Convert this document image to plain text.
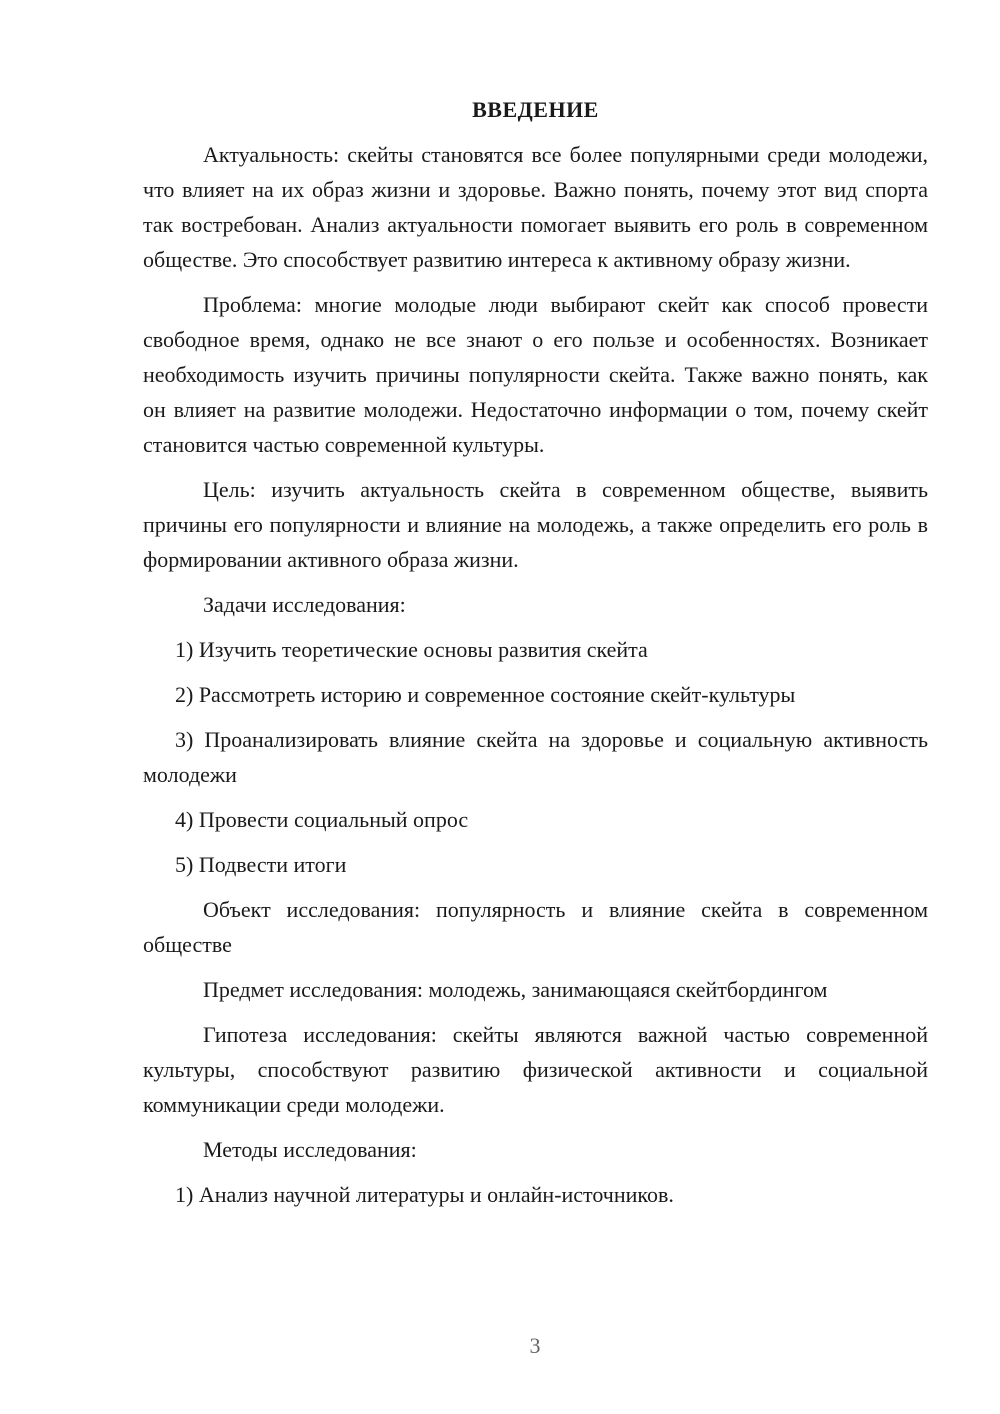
ВВЕДЕНИЕ
Актуальность: скейты становятся все более популярными среди молодежи, что влияет на их образ жизни и здоровье. Важно понять, почему этот вид спорта так востребован. Анализ актуальности помогает выявить его роль в современном обществе. Это способствует развитию интереса к активному образу жизни.
Проблема: многие молодые люди выбирают скейт как способ провести свободное время, однако не все знают о его пользе и особенностях. Возникает необходимость изучить причины популярности скейта. Также важно понять, как он влияет на развитие молодежи. Недостаточно информации о том, почему скейт становится частью современной культуры.
Цель: изучить актуальность скейта в современном обществе, выявить причины его популярности и влияние на молодежь, а также определить его роль в формировании активного образа жизни.
Задачи исследования:
1) Изучить теоретические основы развития скейта
2) Рассмотреть историю и современное состояние скейт-культуры
3) Проанализировать влияние скейта на здоровье и социальную активность молодежи
4) Провести социальный опрос
5) Подвести итоги
Объект исследования: популярность и влияние скейта в современном обществе
Предмет исследования: молодежь, занимающаяся скейтбордингом
Гипотеза исследования: скейты являются важной частью современной культуры, способствуют развитию физической активности и социальной коммуникации среди молодежи.
Методы исследования:
1) Анализ научной литературы и онлайн-источников.
3
